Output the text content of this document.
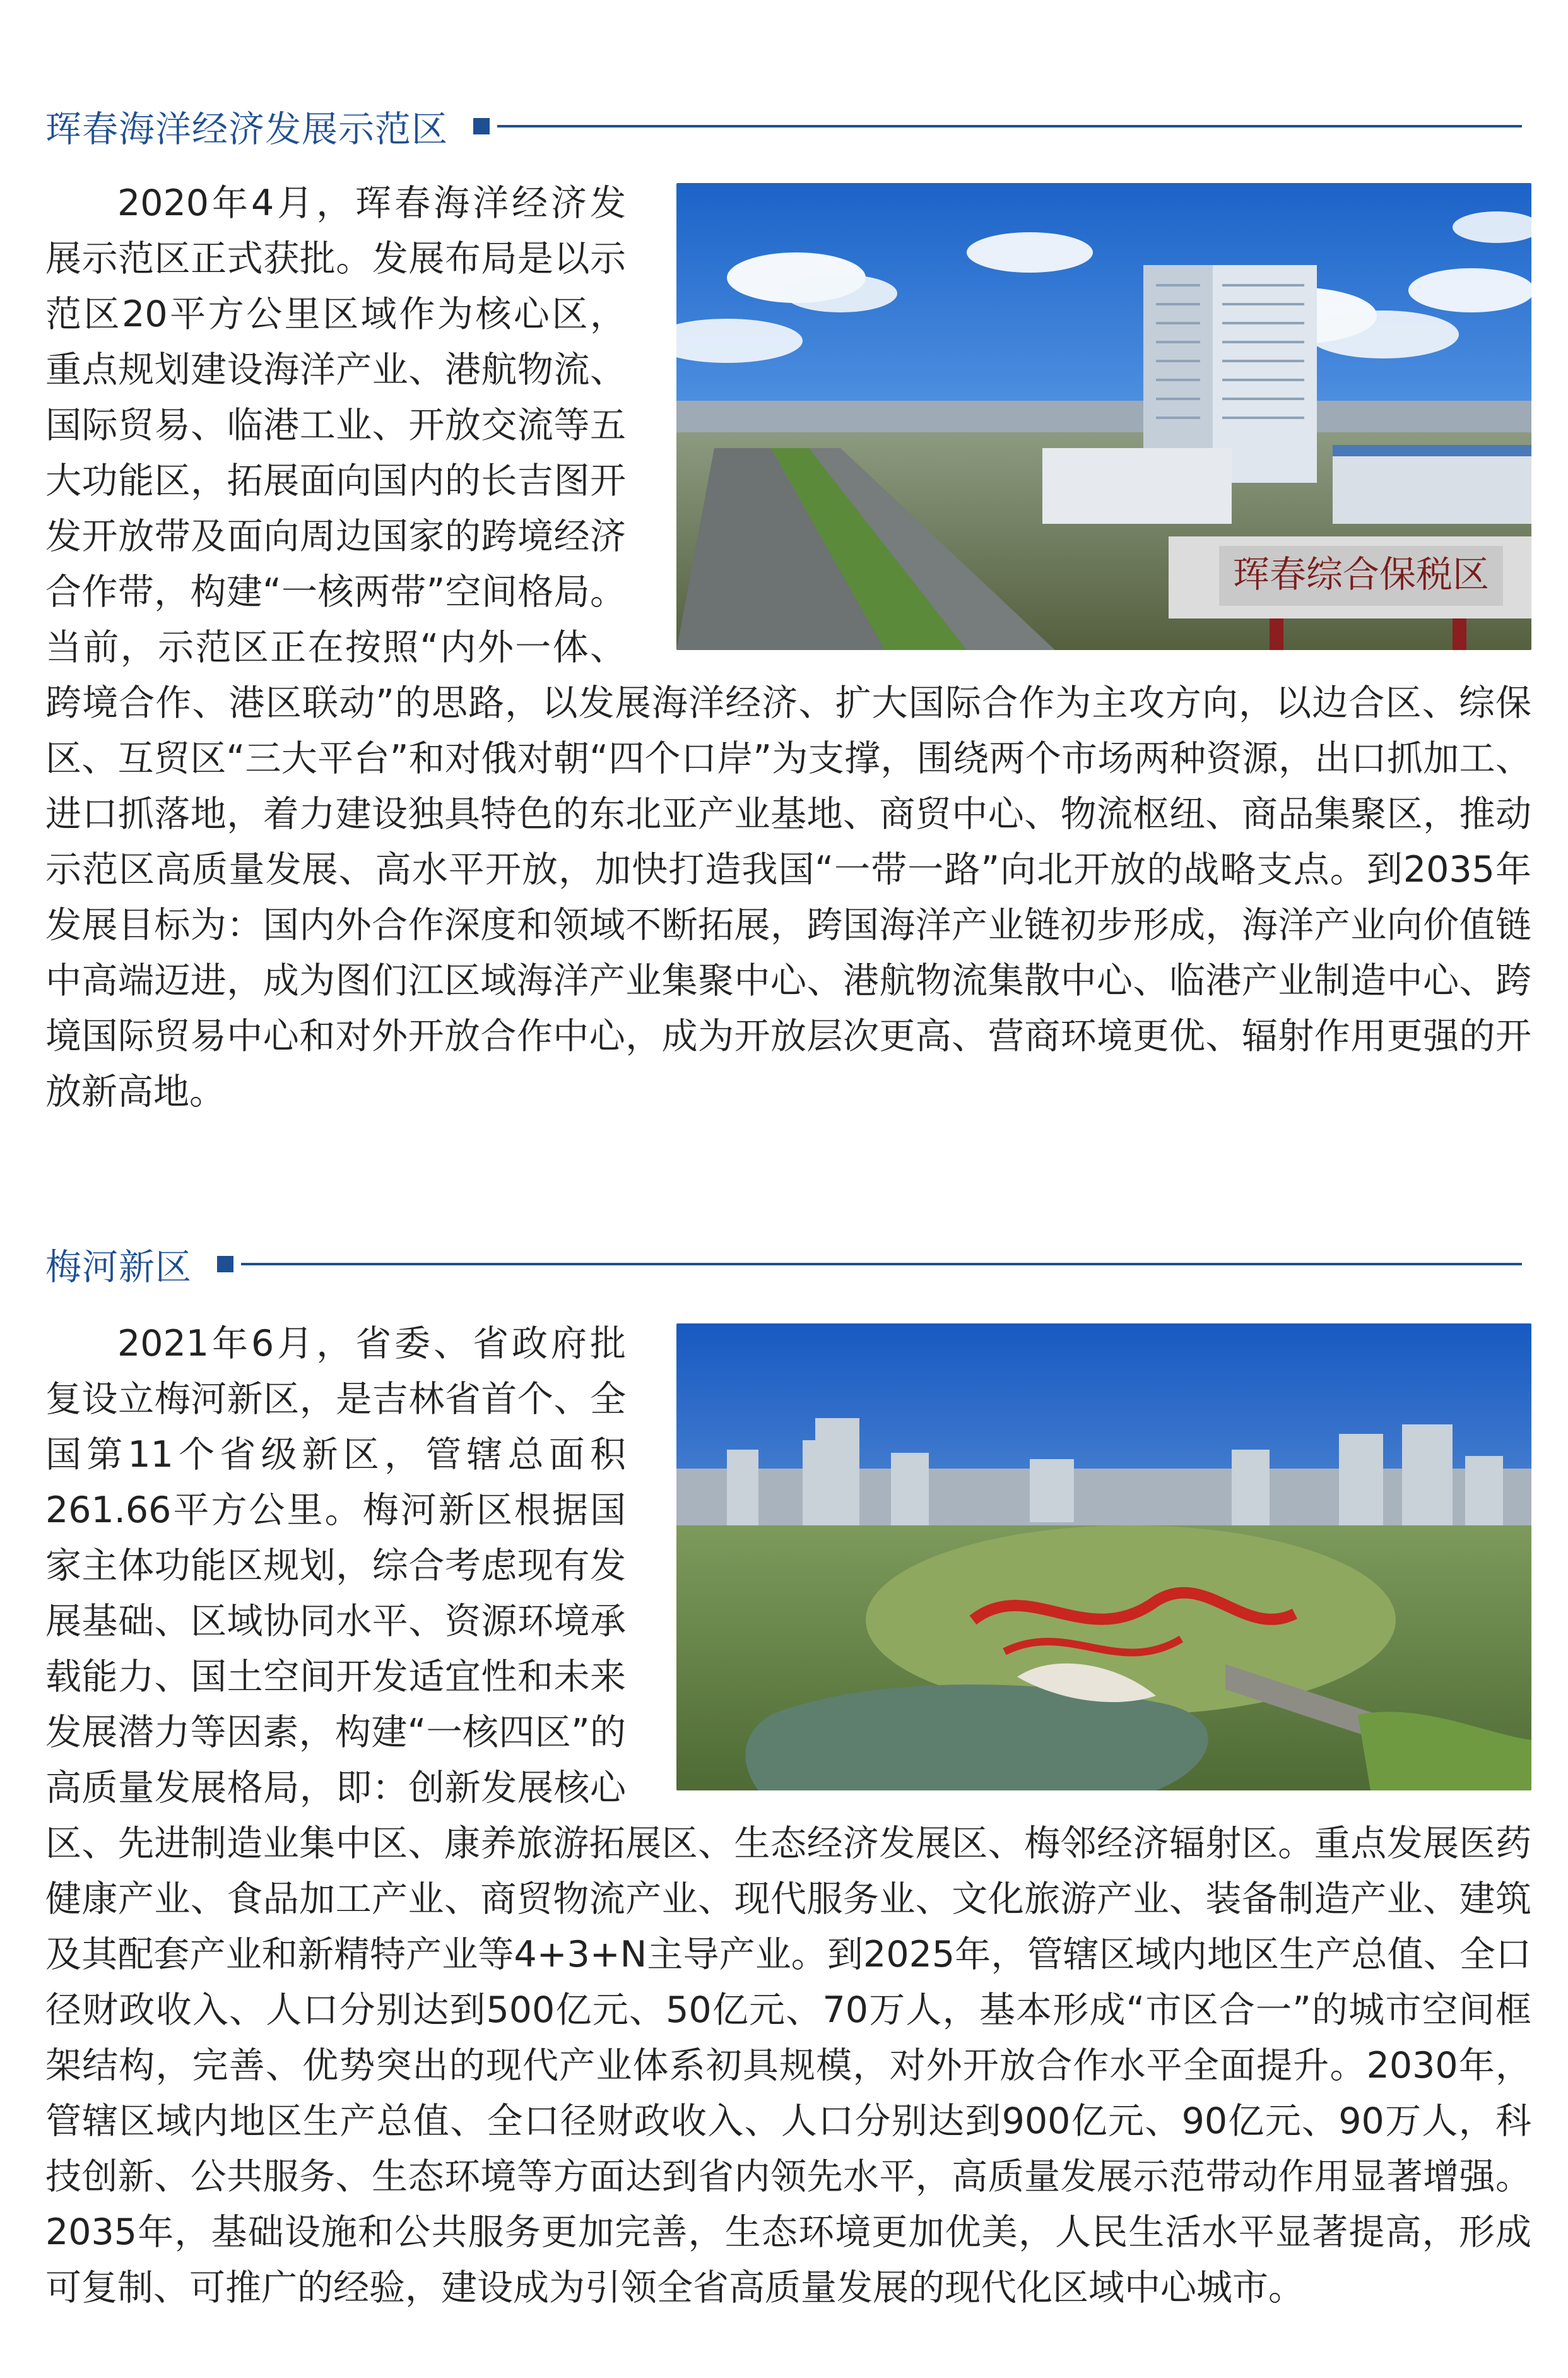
珲春海洋经济发展示范区
珲春综合保税区

2020年4月，珲春海洋经济发展示范区正式获批。发展布局是以示范区20平方公里区域作为核心区，重点规划建设海洋产业、港航物流、国际贸易、临港工业、开放交流等五大功能区，拓展面向国内的长吉图开发开放带及面向周边国家的跨境经济合作带，构建“一核两带”空间格局。当前，示范区正在按照“内外一体、跨境合作、港区联动”的思路，以发展海洋经济、扩大国际合作为主攻方向，以边合区、综保区、互贸区“三大平台”和对俄对朝“四个口岸”为支撑，围绕两个市场两种资源，出口抓加工、进口抓落地，着力建设独具特色的东北亚产业基地、商贸中心、物流枢纽、商品集聚区，推动示范区高质量发展、高水平开放，加快打造我国“一带一路”向北开放的战略支点。到2035年发展目标为：国内外合作深度和领域不断拓展，跨国海洋产业链初步形成，海洋产业向价值链中高端迈进，成为图们江区域海洋产业集聚中心、港航物流集散中心、临港产业制造中心、跨境国际贸易中心和对外开放合作中心，成为开放层次更高、营商环境更优、辐射作用更强的开放新高地。

梅河新区

2021年6月，省委、省政府批复设立梅河新区，是吉林省首个、全国第11个省级新区，管辖总面积261.66平方公里。梅河新区根据国家主体功能区规划，综合考虑现有发展基础、区域协同水平、资源环境承载能力、国土空间开发适宜性和未来发展潜力等因素，构建“一核四区”的高质量发展格局，即：创新发展核心区、先进制造业集中区、康养旅游拓展区、生态经济发展区、梅邻经济辐射区。重点发展医药健康产业、食品加工产业、商贸物流产业、现代服务业、文化旅游产业、装备制造产业、建筑及其配套产业和新精特产业等4+3+N主导产业。到2025年，管辖区域内地区生产总值、全口径财政收入、人口分别达到500亿元、50亿元、70万人，基本形成“市区合一”的城市空间框架结构，完善、优势突出的现代产业体系初具规模，对外开放合作水平全面提升。2030年，管辖区域内地区生产总值、全口径财政收入、人口分别达到900亿元、90亿元、90万人，科技创新、公共服务、生态环境等方面达到省内领先水平，高质量发展示范带动作用显著增强。2035年，基础设施和公共服务更加完善，生态环境更加优美，人民生活水平显著提高，形成可复制、可推广的经验，建设成为引领全省高质量发展的现代化区域中心城市。
